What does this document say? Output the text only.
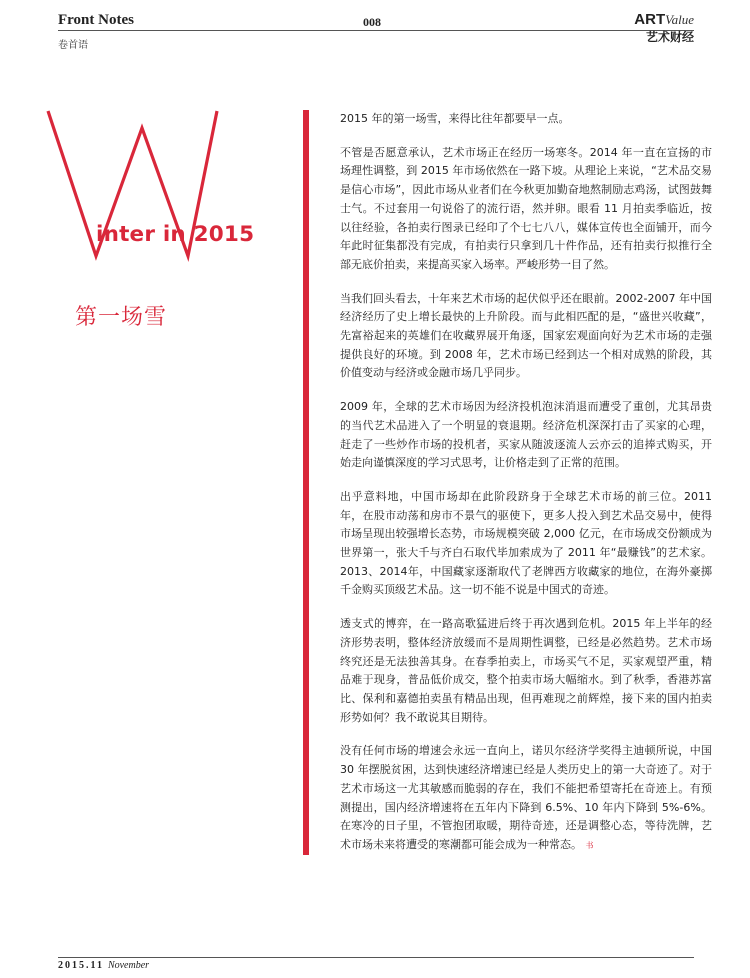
Front Notes
卷首语
008	ARTValue
艺术财经
W
inter in 2015
第一场雪

2015 年的第一场雪，来得比往年都要早一点。

不管是否愿意承认，艺术市场正在经历一场寒冬。2014 年一直在宣扬的市场理性调整，到 2015 年市场依然在一路下坡。从理论上来说，“艺术品交易是信心市场”，因此市场从业者们在今秋更加勤奋地熬制励志鸡汤，试图鼓舞士气。不过套用一句说俗了的流行语，然并卵。眼看 11 月拍卖季临近，按以往经验，各拍卖行图录已经印了个七七八八，媒体宣传也全面铺开，而今年此时征集都没有完成，有拍卖行只拿到几十件作品，还有拍卖行拟推行全部无底价拍卖，来提高买家入场率。严峻形势一目了然。

当我们回头看去，十年来艺术市场的起伏似乎还在眼前。2002-2007 年中国经济经历了史上增长最快的上升阶段。而与此相匹配的是，“盛世兴收藏”，先富裕起来的英雄们在收藏界展开角逐，国家宏观面向好为艺术市场的走强提供良好的环境。到 2008 年，艺术市场已经到达一个相对成熟的阶段，其价值变动与经济或金融市场几乎同步。

2009 年，全球的艺术市场因为经济投机泡沫消退而遭受了重创，尤其昂贵的当代艺术品进入了一个明显的衰退期。经济危机深深打击了买家的心理，赶走了一些炒作市场的投机者，买家从随波逐流人云亦云的追捧式购买，开始走向谨慎深度的学习式思考，让价格走到了正常的范围。

出乎意料地，中国市场却在此阶段跻身于全球艺术市场的前三位。2011 年，在股市动荡和房市不景气的驱使下，更多人投入到艺术品交易中，使得市场呈现出较强增长态势，市场规模突破 2,000 亿元，在市场成交份额成为世界第一，张大千与齐白石取代毕加索成为了 2011 年“最赚钱”的艺术家。2013、2014年，中国藏家逐渐取代了老牌西方收藏家的地位，在海外豪掷千金购买顶级艺术品。这一切不能不说是中国式的奇迹。

透支式的博弈，在一路高歌猛进后终于再次遇到危机。2015 年上半年的经济形势表明，整体经济放缓而不是周期性调整，已经是必然趋势。艺术市场终究还是无法独善其身。在春季拍卖上，市场买气不足，买家观望严重，精品难于现身，普品低价成交，整个拍卖市场大幅缩水。到了秋季，香港苏富比、保利和嘉德拍卖虽有精品出现，但再难现之前辉煌，接下来的国内拍卖形势如何？我不敢说其目期待。

没有任何市场的增速会永远一直向上，诺贝尔经济学奖得主迪顿所说，中国 30 年摆脱贫困，达到快速经济增速已经是人类历史上的第一大奇迹了。对于艺术市场这一尤其敏感而脆弱的存在，我们不能把希望寄托在奇迹上。有预测提出，国内经济增速将在五年内下降到 6.5%、10 年内下降到 5%-6%。在寒冷的日子里，不管抱团取暖，期待奇迹，还是调整心态，等待洗牌，艺术市场未来将遭受的寒潮都可能会成为一种常态。 书

2015.11 November
